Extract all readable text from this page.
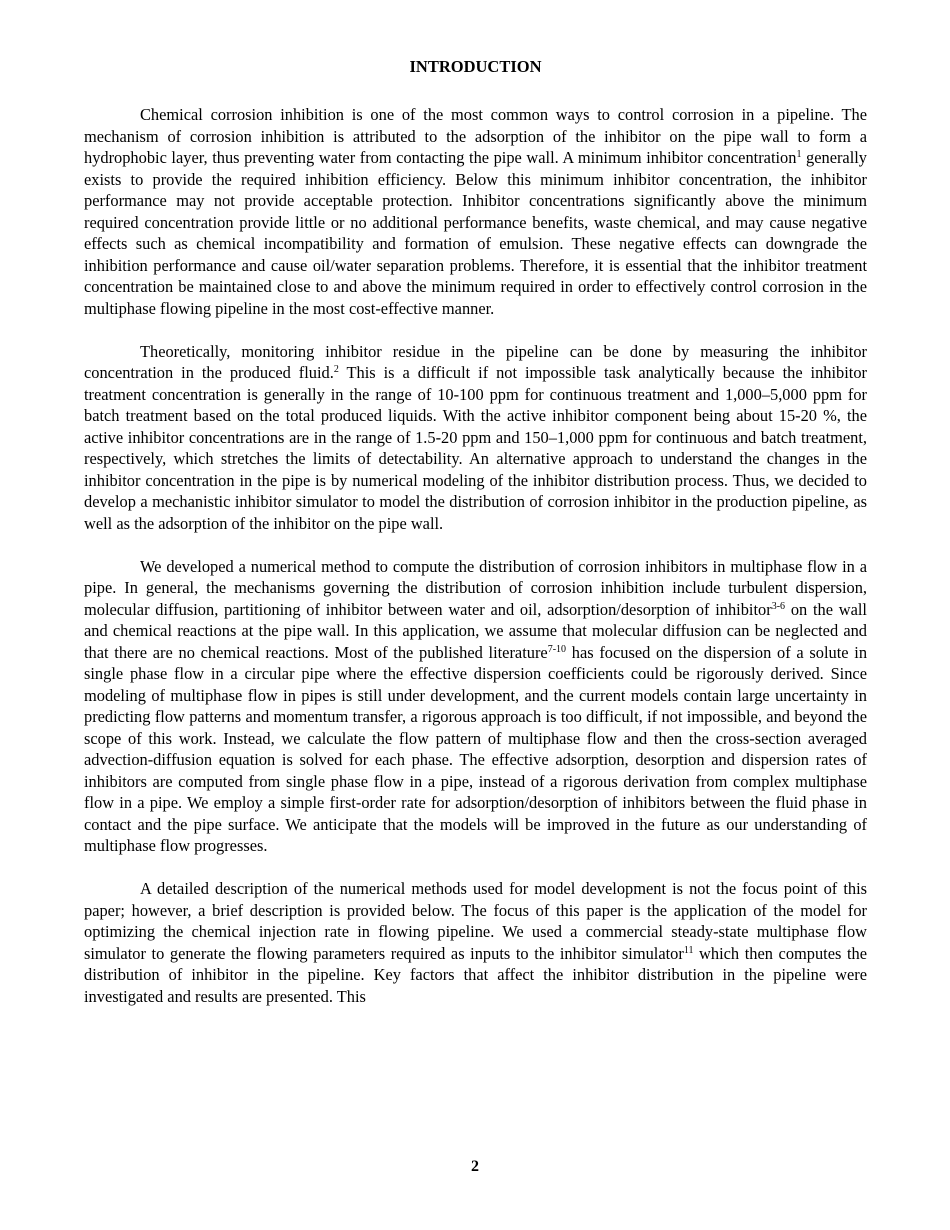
INTRODUCTION

Chemical corrosion inhibition is one of the most common ways to control corrosion in a pipeline. The mechanism of corrosion inhibition is attributed to the adsorption of the inhibitor on the pipe wall to form a hydrophobic layer, thus preventing water from contacting the pipe wall. A minimum inhibitor concentration$^1$ generally exists to provide the required inhibition efficiency. Below this minimum inhibitor concentration, the inhibitor performance may not provide acceptable protection. Inhibitor concentrations significantly above the minimum required concentration provide little or no additional performance benefits, waste chemical, and may cause negative effects such as chemical incompatibility and formation of emulsion. These negative effects can downgrade the inhibition performance and cause oil/water separation problems. Therefore, it is essential that the inhibitor treatment concentration be maintained close to and above the minimum required in order to effectively control corrosion in the multiphase flowing pipeline in the most cost-effective manner.

Theoretically, monitoring inhibitor residue in the pipeline can be done by measuring the inhibitor concentration in the produced fluid.$^2$ This is a difficult if not impossible task analytically because the inhibitor treatment concentration is generally in the range of 10-100 ppm for continuous treatment and 1,000–5,000 ppm for batch treatment based on the total produced liquids. With the active inhibitor component being about 15-20 %, the active inhibitor concentrations are in the range of 1.5-20 ppm and 150–1,000 ppm for continuous and batch treatment, respectively, which stretches the limits of detectability. An alternative approach to understand the changes in the inhibitor concentration in the pipe is by numerical modeling of the inhibitor distribution process. Thus, we decided to develop a mechanistic inhibitor simulator to model the distribution of corrosion inhibitor in the production pipeline, as well as the adsorption of the inhibitor on the pipe wall.

We developed a numerical method to compute the distribution of corrosion inhibitors in multiphase flow in a pipe. In general, the mechanisms governing the distribution of corrosion inhibition include turbulent dispersion, molecular diffusion, partitioning of inhibitor between water and oil, adsorption/desorption of inhibitor$^{3-6}$ on the wall and chemical reactions at the pipe wall. In this application, we assume that molecular diffusion can be neglected and that there are no chemical reactions. Most of the published literature$^{7-10}$ has focused on the dispersion of a solute in single phase flow in a circular pipe where the effective dispersion coefficients could be rigorously derived. Since modeling of multiphase flow in pipes is still under development, and the current models contain large uncertainty in predicting flow patterns and momentum transfer, a rigorous approach is too difficult, if not impossible, and beyond the scope of this work. Instead, we calculate the flow pattern of multiphase flow and then the cross-section averaged advection-diffusion equation is solved for each phase. The effective adsorption, desorption and dispersion rates of inhibitors are computed from single phase flow in a pipe, instead of a rigorous derivation from complex multiphase flow in a pipe. We employ a simple first-order rate for adsorption/desorption of inhibitors between the fluid phase in contact and the pipe surface. We anticipate that the models will be improved in the future as our understanding of multiphase flow progresses.

A detailed description of the numerical methods used for model development is not the focus point of this paper; however, a brief description is provided below. The focus of this paper is the application of the model for optimizing the chemical injection rate in flowing pipeline. We used a commercial steady-state multiphase flow simulator to generate the flowing parameters required as inputs to the inhibitor simulator$^{11}$ which then computes the distribution of inhibitor in the pipeline. Key factors that affect the inhibitor distribution in the pipeline were investigated and results are presented. This

2
